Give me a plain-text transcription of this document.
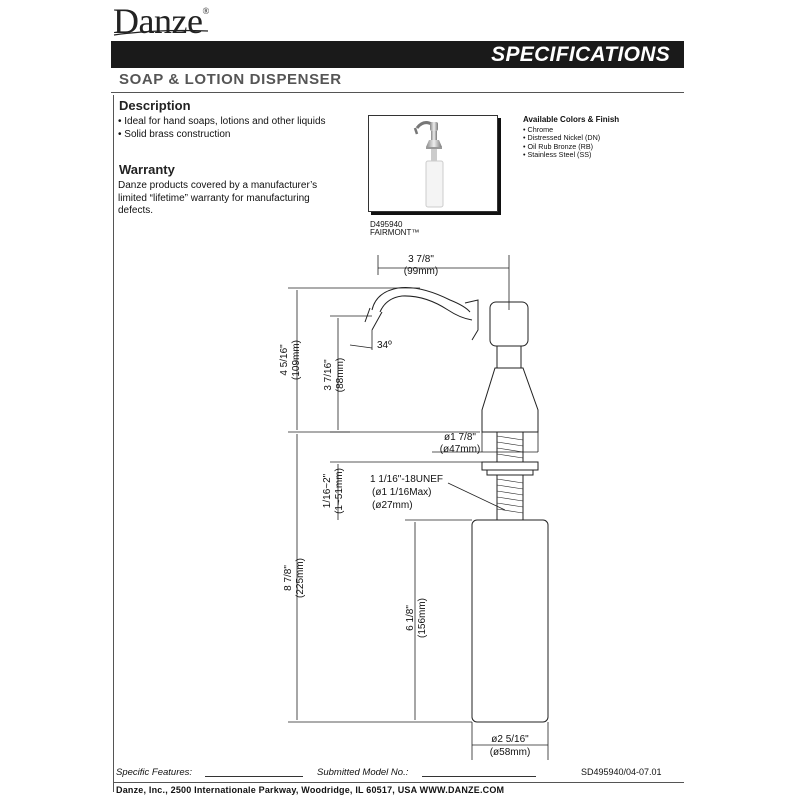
Danze®
SPECIFICATIONS
SOAP & LOTION DISPENSER
Description
• Ideal for hand soaps, lotions and other liquids
• Solid brass construction
Warranty
Danze products covered by a manufacturer’s limited “lifetime” warranty for manufacturing defects.
D495940
FAIRMONT™
Available Colors & Finish
• Chrome
• Distressed Nickel (DN)
• Oil Rub Bronze (RB)
• Stainless Steel (SS)
3 7/8"
(99mm)
4 5/16" (109mm) 3 7/16" (88mm)
34º
ø1 7/8"
(ø47mm)
1/16~2" (1~51mm)	1 1/16"-18UNEF
(ø1 1/16Max)
(ø27mm)
8 7/8" (225mm)
6 1/8" (156mm)
ø2 5/16"
(ø58mm)
Specific Features:	Submitted Model No.:	SD495940/04-07.01
Danze, Inc., 2500 Internationale Parkway, Woodridge, IL 60517, USA WWW.DANZE.COM
